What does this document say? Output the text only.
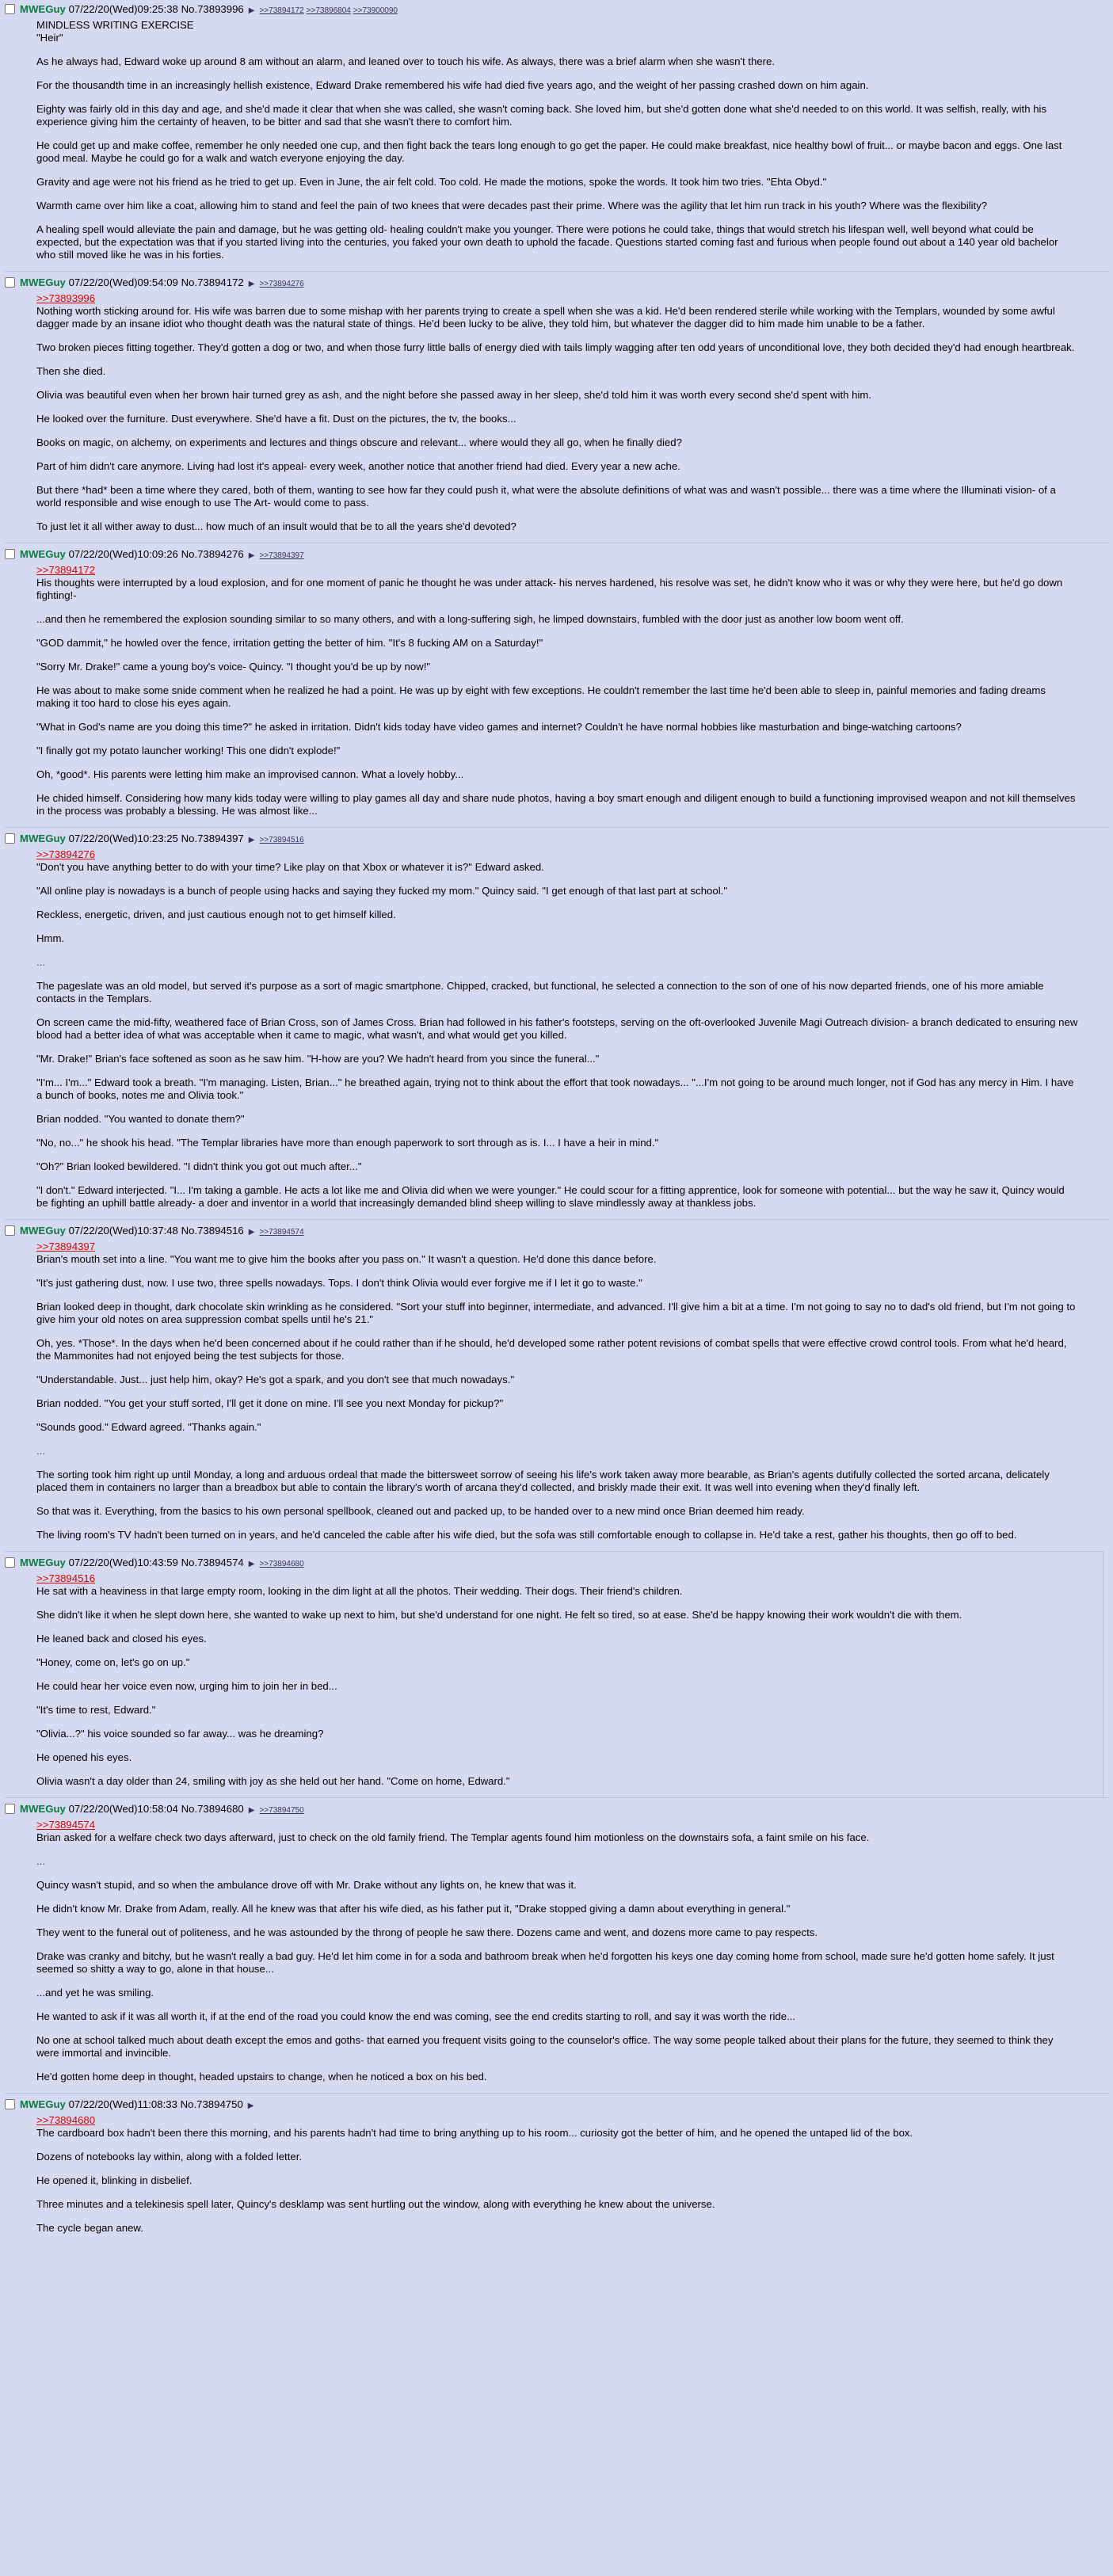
MWEGuy 07/22/20(Wed)09:25:38 No.73893996 ▶ >>73894172 >>73896804 >>73900090
MINDLESS WRITING EXERCISE
"Heir"
As he always had, Edward woke up around 8 am without an alarm, and leaned over to touch his wife. As always, there was a brief alarm when she wasn't there.
For the thousandth time in an increasingly hellish existence, Edward Drake remembered his wife had died five years ago, and the weight of her passing crashed down on him again.
Eighty was fairly old in this day and age, and she'd made it clear that when she was called, she wasn't coming back. She loved him, but she'd gotten done what she'd needed to on this world. It was selfish, really, with his experience giving him the certainty of heaven, to be bitter and sad that she wasn't there to comfort him.
He could get up and make coffee, remember he only needed one cup, and then fight back the tears long enough to go get the paper. He could make breakfast, nice healthy bowl of fruit... or maybe bacon and eggs. One last good meal. Maybe he could go for a walk and watch everyone enjoying the day.
Gravity and age were not his friend as he tried to get up. Even in June, the air felt cold. Too cold. He made the motions, spoke the words. It took him two tries. "Ehta Obyd."
Warmth came over him like a coat, allowing him to stand and feel the pain of two knees that were decades past their prime. Where was the agility that let him run track in his youth? Where was the flexibility?
A healing spell would alleviate the pain and damage, but he was getting old- healing couldn't make you younger. There were potions he could take, things that would stretch his lifespan well, well beyond what could be expected, but the expectation was that if you started living into the centuries, you faked your own death to uphold the facade. Questions started coming fast and furious when people found out about a 140 year old bachelor who still moved like he was in his forties.
MWEGuy 07/22/20(Wed)09:54:09 No.73894172 ▶ >>73894276
>>73893996
Nothing worth sticking around for. His wife was barren due to some mishap with her parents trying to create a spell when she was a kid. He'd been rendered sterile while working with the Templars, wounded by some awful dagger made by an insane idiot who thought death was the natural state of things. He'd been lucky to be alive, they told him, but whatever the dagger did to him made him unable to be a father.
Two broken pieces fitting together. They'd gotten a dog or two, and when those furry little balls of energy died with tails limply wagging after ten odd years of unconditional love, they both decided they'd had enough heartbreak.
Then she died.
Olivia was beautiful even when her brown hair turned grey as ash, and the night before she passed away in her sleep, she'd told him it was worth every second she'd spent with him.
He looked over the furniture. Dust everywhere. She'd have a fit. Dust on the pictures, the tv, the books...
Books on magic, on alchemy, on experiments and lectures and things obscure and relevant... where would they all go, when he finally died?
Part of him didn't care anymore. Living had lost it's appeal- every week, another notice that another friend had died. Every year a new ache.
But there *had* been a time where they cared, both of them, wanting to see how far they could push it, what were the absolute definitions of what was and wasn't possible... there was a time where the Illuminati vision- of a world responsible and wise enough to use The Art- would come to pass.
To just let it all wither away to dust... how much of an insult would that be to all the years she'd devoted?
MWEGuy 07/22/20(Wed)10:09:26 No.73894276 ▶ >>73894397
>>73894172
His thoughts were interrupted by a loud explosion, and for one moment of panic he thought he was under attack- his nerves hardened, his resolve was set, he didn't know who it was or why they were here, but he'd go down fighting!-
...and then he remembered the explosion sounding similar to so many others, and with a long-suffering sigh, he limped downstairs, fumbled with the door just as another low boom went off.
"GOD dammit," he howled over the fence, irritation getting the better of him. "It's 8 fucking AM on a Saturday!"
"Sorry Mr. Drake!" came a young boy's voice- Quincy. "I thought you'd be up by now!"
He was about to make some snide comment when he realized he had a point. He was up by eight with few exceptions. He couldn't remember the last time he'd been able to sleep in, painful memories and fading dreams making it too hard to close his eyes again.
"What in God's name are you doing this time?" he asked in irritation. Didn't kids today have video games and internet? Couldn't he have normal hobbies like masturbation and binge-watching cartoons?
"I finally got my potato launcher working! This one didn't explode!"
Oh, *good*. His parents were letting him make an improvised cannon. What a lovely hobby...
He chided himself. Considering how many kids today were willing to play games all day and share nude photos, having a boy smart enough and diligent enough to build a functioning improvised weapon and not kill themselves in the process was probably a blessing. He was almost like...
MWEGuy 07/22/20(Wed)10:23:25 No.73894397 ▶ >>73894516
>>73894276
"Don't you have anything better to do with your time? Like play on that Xbox or whatever it is?" Edward asked.
"All online play is nowadays is a bunch of people using hacks and saying they fucked my mom." Quincy said. "I get enough of that last part at school."
Reckless, energetic, driven, and just cautious enough not to get himself killed.
Hmm.
...
The pageslate was an old model, but served it's purpose as a sort of magic smartphone. Chipped, cracked, but functional, he selected a connection to the son of one of his now departed friends, one of his more amiable contacts in the Templars.
On screen came the mid-fifty, weathered face of Brian Cross, son of James Cross. Brian had followed in his father's footsteps, serving on the oft-overlooked Juvenile Magi Outreach division- a branch dedicated to ensuring new blood had a better idea of what was acceptable when it came to magic, what wasn't, and what would get you killed.
"Mr. Drake!" Brian's face softened as soon as he saw him. "H-how are you? We hadn't heard from you since the funeral..."
"I'm... I'm..." Edward took a breath. "I'm managing. Listen, Brian..." he breathed again, trying not to think about the effort that took nowadays... "...I'm not going to be around much longer, not if God has any mercy in Him. I have a bunch of books, notes me and Olivia took."
Brian nodded. "You wanted to donate them?"
"No, no..." he shook his head. "The Templar libraries have more than enough paperwork to sort through as is. I... I have a heir in mind."
"Oh?" Brian looked bewildered. "I didn't think you got out much after..."
"I don't." Edward interjected. "I... I'm taking a gamble. He acts a lot like me and Olivia did when we were younger." He could scour for a fitting apprentice, look for someone with potential... but the way he saw it, Quincy would be fighting an uphill battle already- a doer and inventor in a world that increasingly demanded blind sheep willing to slave mindlessly away at thankless jobs.
MWEGuy 07/22/20(Wed)10:37:48 No.73894516 ▶ >>73894574
>>73894397
Brian's mouth set into a line. "You want me to give him the books after you pass on." It wasn't a question. He'd done this dance before.
"It's just gathering dust, now. I use two, three spells nowadays. Tops. I don't think Olivia would ever forgive me if I let it go to waste."
Brian looked deep in thought, dark chocolate skin wrinkling as he considered. "Sort your stuff into beginner, intermediate, and advanced. I'll give him a bit at a time. I'm not going to say no to dad's old friend, but I'm not going to give him your old notes on area suppression combat spells until he's 21."
Oh, yes. *Those*. In the days when he'd been concerned about if he could rather than if he should, he'd developed some rather potent revisions of combat spells that were effective crowd control tools. From what he'd heard, the Mammonites had not enjoyed being the test subjects for those.
"Understandable. Just... just help him, okay? He's got a spark, and you don't see that much nowadays."
Brian nodded. "You get your stuff sorted, I'll get it done on mine. I'll see you next Monday for pickup?"
"Sounds good." Edward agreed. "Thanks again."
...
The sorting took him right up until Monday, a long and arduous ordeal that made the bittersweet sorrow of seeing his life's work taken away more bearable, as Brian's agents dutifully collected the sorted arcana, delicately placed them in containers no larger than a breadbox but able to contain the library's worth of arcana they'd collected, and briskly made their exit. It was well into evening when they'd finally left.
So that was it. Everything, from the basics to his own personal spellbook, cleaned out and packed up, to be handed over to a new mind once Brian deemed him ready.
The living room's TV hadn't been turned on in years, and he'd canceled the cable after his wife died, but the sofa was still comfortable enough to collapse in. He'd take a rest, gather his thoughts, then go off to bed.
MWEGuy 07/22/20(Wed)10:43:59 No.73894574 ▶ >>73894680
>>73894516
He sat with a heaviness in that large empty room, looking in the dim light at all the photos. Their wedding. Their dogs. Their friend's children.
She didn't like it when he slept down here, she wanted to wake up next to him, but she'd understand for one night. He felt so tired, so at ease. She'd be happy knowing their work wouldn't die with them.
He leaned back and closed his eyes.
"Honey, come on, let's go on up."
He could hear her voice even now, urging him to join her in bed...
"It's time to rest, Edward."
"Olivia...?" his voice sounded so far away... was he dreaming?
He opened his eyes.
Olivia wasn't a day older than 24, smiling with joy as she held out her hand. "Come on home, Edward."
MWEGuy 07/22/20(Wed)10:58:04 No.73894680 ▶ >>73894750
>>73894574
Brian asked for a welfare check two days afterward, just to check on the old family friend. The Templar agents found him motionless on the downstairs sofa, a faint smile on his face.
...
Quincy wasn't stupid, and so when the ambulance drove off with Mr. Drake without any lights on, he knew that was it.
He didn't know Mr. Drake from Adam, really. All he knew was that after his wife died, as his father put it, "Drake stopped giving a damn about everything in general."
They went to the funeral out of politeness, and he was astounded by the throng of people he saw there. Dozens came and went, and dozens more came to pay respects.
Drake was cranky and bitchy, but he wasn't really a bad guy. He'd let him come in for a soda and bathroom break when he'd forgotten his keys one day coming home from school, made sure he'd gotten home safely. It just seemed so shitty a way to go, alone in that house...
...and yet he was smiling.
He wanted to ask if it was all worth it, if at the end of the road you could know the end was coming, see the end credits starting to roll, and say it was worth the ride...
No one at school talked much about death except the emos and goths- that earned you frequent visits going to the counselor's office. The way some people talked about their plans for the future, they seemed to think they were immortal and invincible.
He'd gotten home deep in thought, headed upstairs to change, when he noticed a box on his bed.
MWEGuy 07/22/20(Wed)11:08:33 No.73894750 ▶
>>73894680
The cardboard box hadn't been there this morning, and his parents hadn't had time to bring anything up to his room... curiosity got the better of him, and he opened the untaped lid of the box.
Dozens of notebooks lay within, along with a folded letter.
He opened it, blinking in disbelief.
Three minutes and a telekinesis spell later, Quincy's desklamp was sent hurtling out the window, along with everything he knew about the universe.
The cycle began anew.
